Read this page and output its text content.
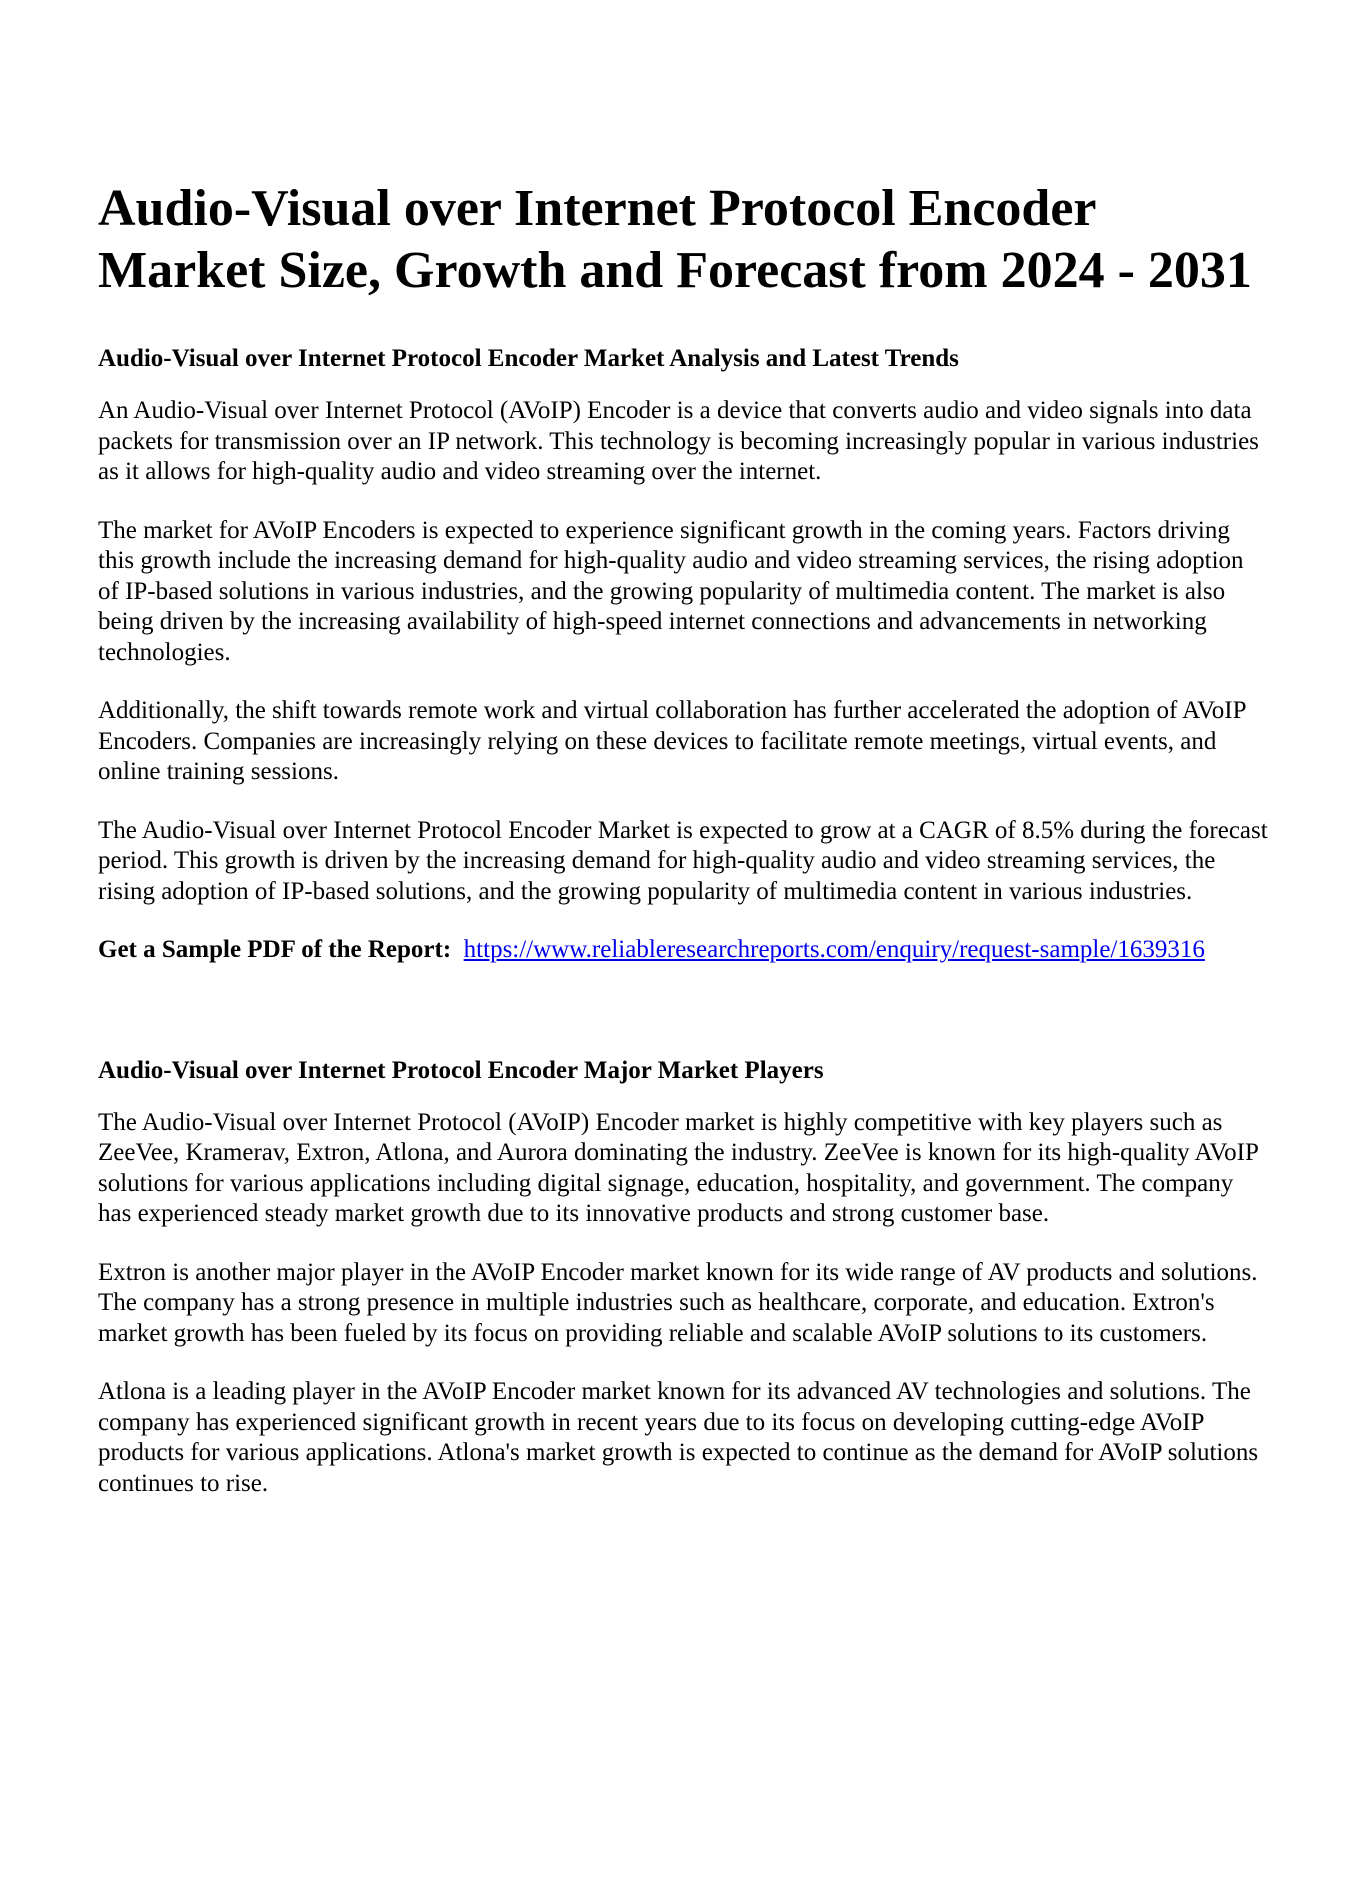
Audio-Visual over Internet Protocol Encoder Market Size, Growth and Forecast from 2024 - 2031
Audio-Visual over Internet Protocol Encoder Market Analysis and Latest Trends

An Audio-Visual over Internet Protocol (AVoIP) Encoder is a device that converts audio and video signals into data packets for transmission over an IP network. This technology is becoming increasingly popular in various industries as it allows for high-quality audio and video streaming over the internet.

The market for AVoIP Encoders is expected to experience significant growth in the coming years. Factors driving this growth include the increasing demand for high-quality audio and video streaming services, the rising adoption of IP-based solutions in various industries, and the growing popularity of multimedia content. The market is also being driven by the increasing availability of high-speed internet connections and advancements in networking technologies.

Additionally, the shift towards remote work and virtual collaboration has further accelerated the adoption of AVoIP Encoders. Companies are increasingly relying on these devices to facilitate remote meetings, virtual events, and online training sessions.

The Audio-Visual over Internet Protocol Encoder Market is expected to grow at a CAGR of 8.5% during the forecast period. This growth is driven by the increasing demand for high-quality audio and video streaming services, the rising adoption of IP-based solutions, and the growing popularity of multimedia content in various industries.

Get a Sample PDF of the Report: https://www.reliableresearchreports.com/enquiry/request-sample/1639316

Audio-Visual over Internet Protocol Encoder Major Market Players

The Audio-Visual over Internet Protocol (AVoIP) Encoder market is highly competitive with key players such as ZeeVee, Kramerav, Extron, Atlona, and Aurora dominating the industry. ZeeVee is known for its high-quality AVoIP solutions for various applications including digital signage, education, hospitality, and government. The company has experienced steady market growth due to its innovative products and strong customer base.

Extron is another major player in the AVoIP Encoder market known for its wide range of AV products and solutions. The company has a strong presence in multiple industries such as healthcare, corporate, and education. Extron's market growth has been fueled by its focus on providing reliable and scalable AVoIP solutions to its customers.

Atlona is a leading player in the AVoIP Encoder market known for its advanced AV technologies and solutions. The company has experienced significant growth in recent years due to its focus on developing cutting-edge AVoIP products for various applications. Atlona's market growth is expected to continue as the demand for AVoIP solutions continues to rise.
